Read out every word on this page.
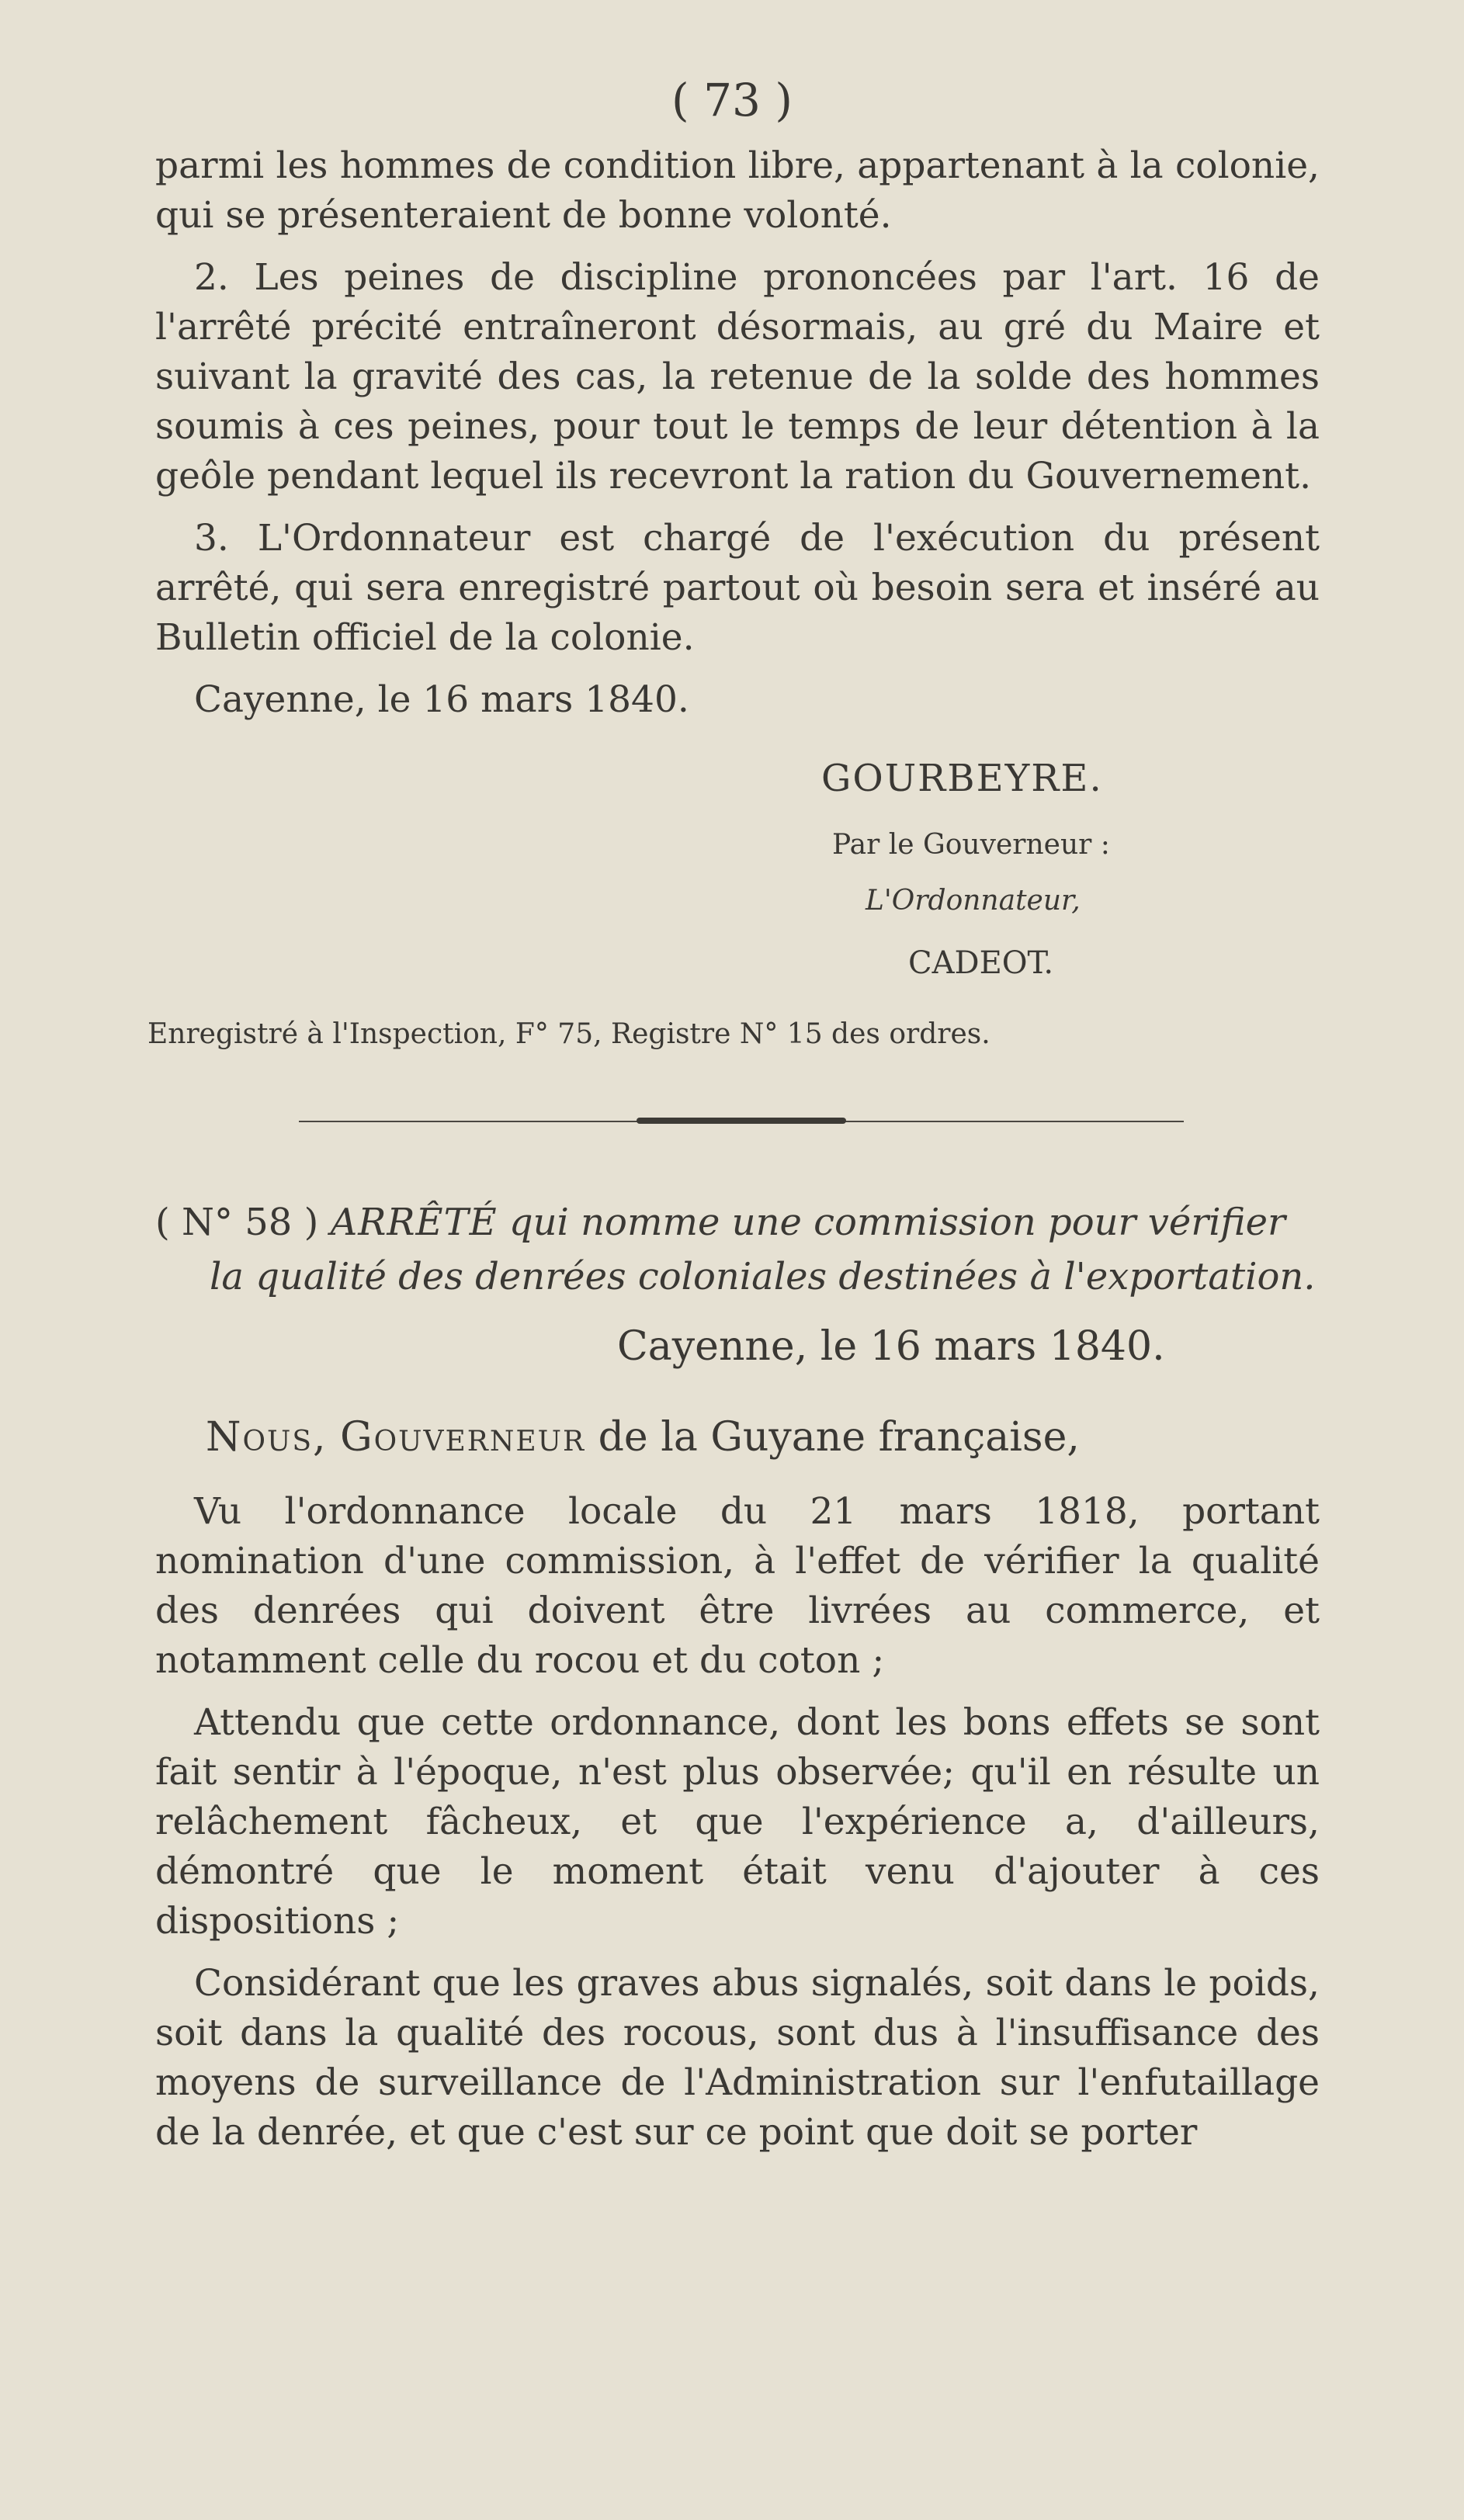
( 73 )

parmi les hommes de condition libre, appartenant à la colonie, qui se présenteraient de bonne volonté.

2. Les peines de discipline prononcées par l'art. 16 de l'arrêté précité entraîneront désormais, au gré du Maire et suivant la gravité des cas, la retenue de la solde des hommes soumis à ces peines, pour tout le temps de leur détention à la geôle pendant lequel ils recevront la ration du Gouvernement.

3. L'Ordonnateur est chargé de l'exécution du présent arrêté, qui sera enregistré partout où besoin sera et inséré au Bulletin officiel de la colonie.

Cayenne, le 16 mars 1840.

GOURBEYRE.
Par le Gouverneur :
L'Ordonnateur,
CADEOT.
Enregistré à l'Inspection, F° 75, Registre N° 15 des ordres.
( N° 58 ) ARRÊTÉ qui nomme une commission pour vérifier
la qualité des denrées coloniales destinées à l'exportation.
Cayenne, le 16 mars 1840.
Nous, Gouverneur de la Guyane française,

Vu l'ordonnance locale du 21 mars 1818, portant nomination d'une commission, à l'effet de vérifier la qualité des denrées qui doivent être livrées au commerce, et notamment celle du rocou et du coton ;

Attendu que cette ordonnance, dont les bons effets se sont fait sentir à l'époque, n'est plus observée; qu'il en résulte un relâchement fâcheux, et que l'expérience a, d'ailleurs, démontré que le moment était venu d'ajouter à ces dispositions ;

Considérant que les graves abus signalés, soit dans le poids, soit dans la qualité des rocous, sont dus à l'insuffisance des moyens de surveillance de l'Administration sur l'enfutaillage de la denrée, et que c'est sur ce point que doit se porter
